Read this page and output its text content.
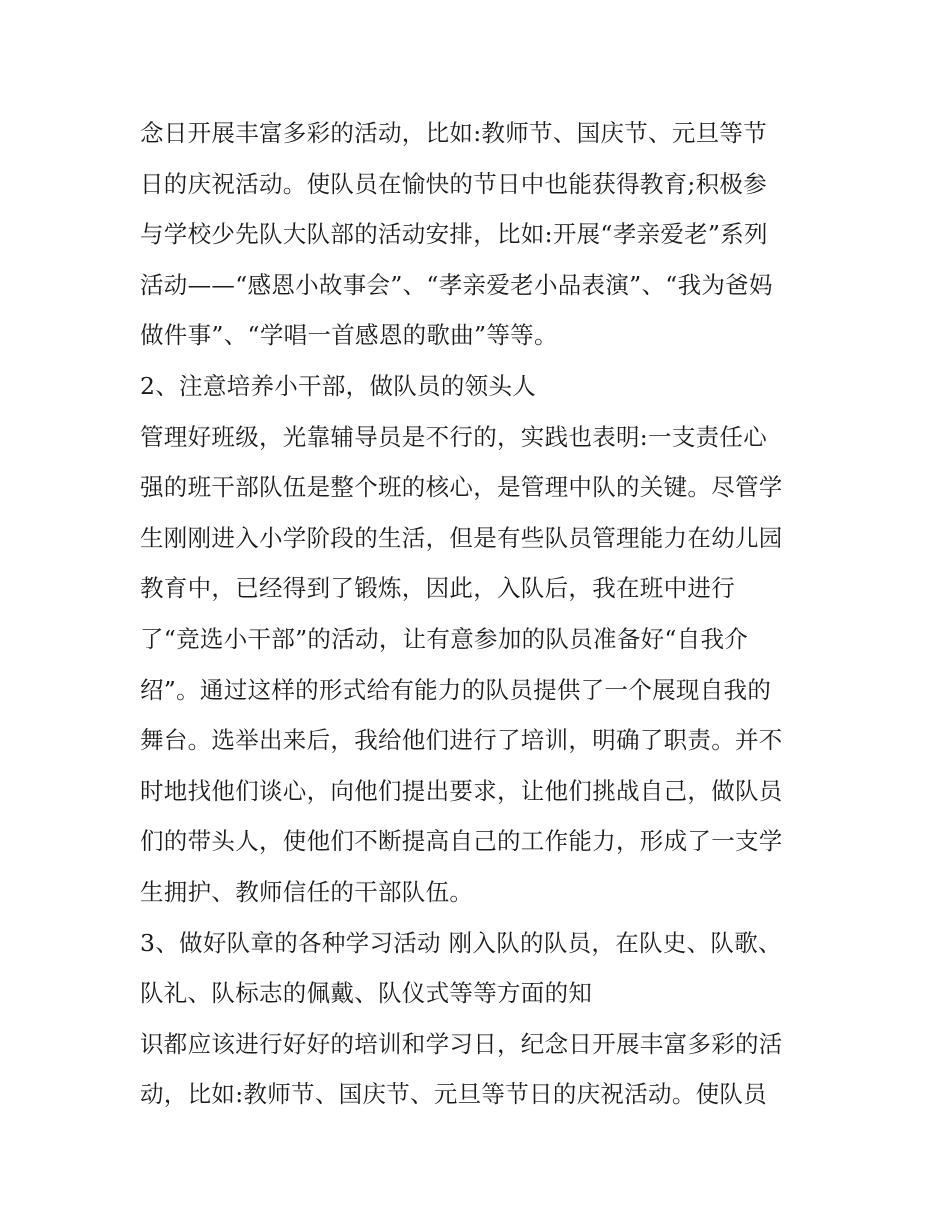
念日开展丰富多彩的活动，比如:教师节、国庆节、元旦等节
日的庆祝活动。使队员在愉快的节日中也能获得教育;积极参
与学校少先队大队部的活动安排，比如:开展“孝亲爱老”系列
活动——“感恩小故事会”、“孝亲爱老小品表演”、“我为爸妈
做件事”、“学唱一首感恩的歌曲”等等。
2、注意培养小干部，做队员的领头人
管理好班级，光靠辅导员是不行的，实践也表明:一支责任心
强的班干部队伍是整个班的核心，是管理中队的关键。尽管学
生刚刚进入小学阶段的生活，但是有些队员管理能力在幼儿园
教育中，已经得到了锻炼，因此，入队后，我在班中进行
了“竞选小干部”的活动，让有意参加的队员准备好“自我介
绍”。通过这样的形式给有能力的队员提供了一个展现自我的
舞台。选举出来后，我给他们进行了培训，明确了职责。并不
时地找他们谈心，向他们提出要求，让他们挑战自己，做队员
们的带头人，使他们不断提高自己的工作能力，形成了一支学
生拥护、教师信任的干部队伍。
3、做好队章的各种学习活动 刚入队的队员，在队史、队歌、
队礼、队标志的佩戴、队仪式等等方面的知
识都应该进行好好的培训和学习日，纪念日开展丰富多彩的活
动，比如:教师节、国庆节、元旦等节日的庆祝活动。使队员
